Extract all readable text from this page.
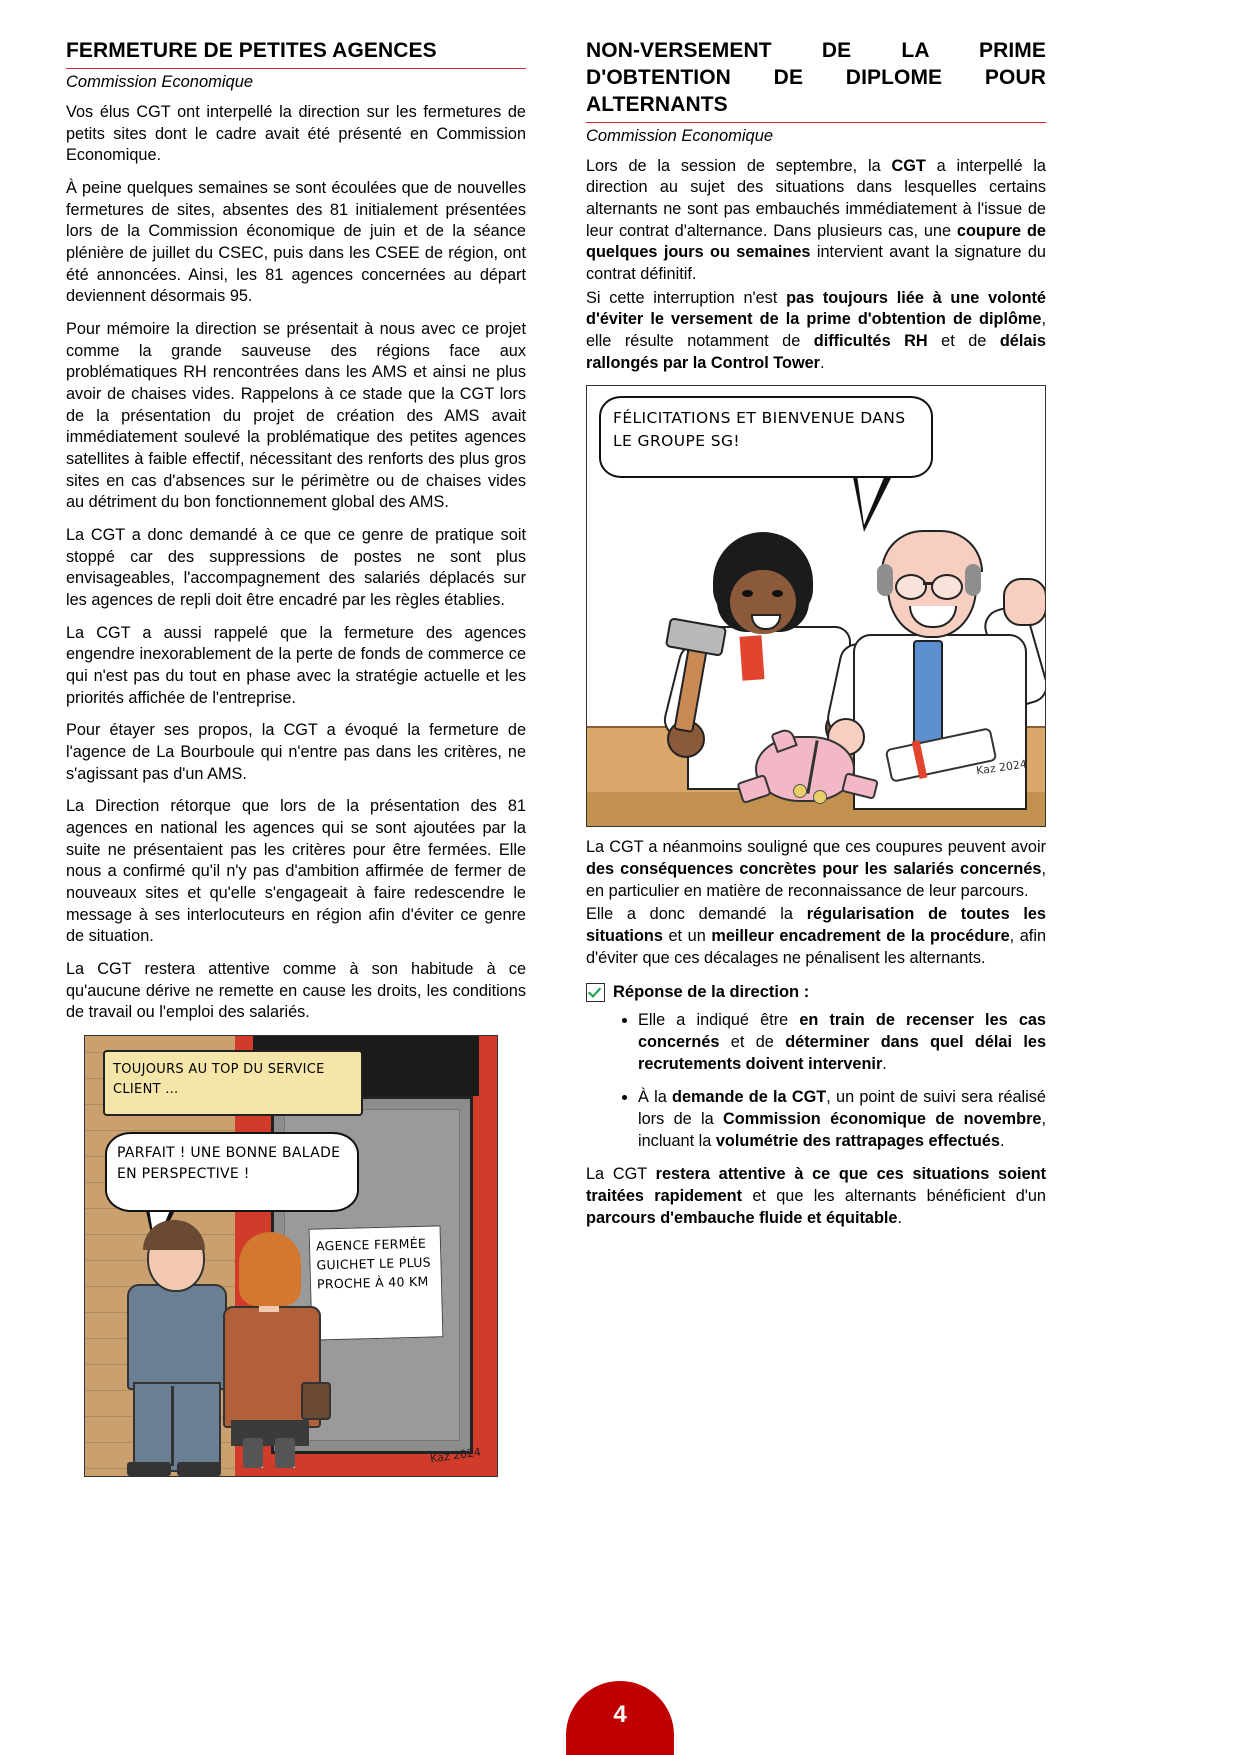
FERMETURE DE PETITES AGENCES
Commission Economique

Vos élus CGT ont interpellé la direction sur les fermetures de petits sites dont le cadre avait été présenté en Commission Economique.

À peine quelques semaines se sont écoulées que de nouvelles fermetures de sites, absentes des 81 initialement présentées lors de la Commission économique de juin et de la séance plénière de juillet du CSEC, puis dans les CSEE de région, ont été annoncées. Ainsi, les 81 agences concernées au départ deviennent désormais 95.

Pour mémoire la direction se présentait à nous avec ce projet comme la grande sauveuse des régions face aux problématiques RH rencontrées dans les AMS et ainsi ne plus avoir de chaises vides. Rappelons à ce stade que la CGT lors de la présentation du projet de création des AMS avait immédiatement soulevé la problématique des petites agences satellites à faible effectif, nécessitant des renforts des plus gros sites en cas d'absences sur le périmètre ou de chaises vides au détriment du bon fonctionnement global des AMS.

La CGT a donc demandé à ce que ce genre de pratique soit stoppé car des suppressions de postes ne sont plus envisageables, l'accompagnement des salariés déplacés sur les agences de repli doit être encadré par les règles établies.

La CGT a aussi rappelé que la fermeture des agences engendre inexorablement de la perte de fonds de commerce ce qui n'est pas du tout en phase avec la stratégie actuelle et les priorités affichée de l'entreprise.

Pour étayer ses propos, la CGT a évoqué la fermeture de l'agence de La Bourboule qui n'entre pas dans les critères, ne s'agissant pas d'un AMS.

La Direction rétorque que lors de la présentation des 81 agences en national les agences qui se sont ajoutées par la suite ne présentaient pas les critères pour être fermées. Elle nous a confirmé qu'il n'y pas d'ambition affirmée de fermer de nouveaux sites et qu'elle s'engageait à faire redescendre le message à ses interlocuteurs en région afin d'éviter ce genre de situation.

La CGT restera attentive comme à son habitude à ce qu'aucune dérive ne remette en cause les droits, les conditions de travail ou l'emploi des salariés.

AGENCE FERMÉE GUICHET LE PLUS PROCHE À 40 KM
TOUJOURS AU TOP DU SERVICE CLIENT …
PARFAIT ! UNE BONNE BALADE EN PERSPECTIVE !
Kaz 2024
NON-VERSEMENT DE LA PRIME D'OBTENTION DE DIPLOME POUR ALTERNANTS
Commission Economique

Lors de la session de septembre, la CGT a interpellé la direction au sujet des situations dans lesquelles certains alternants ne sont pas embauchés immédiatement à l'issue de leur contrat d'alternance. Dans plusieurs cas, une coupure de quelques jours ou semaines intervient avant la signature du contrat définitif.

Si cette interruption n'est pas toujours liée à une volonté d'éviter le versement de la prime d'obtention de diplôme, elle résulte notamment de difficultés RH et de délais rallongés par la Control Tower.

FÉLICITATIONS ET BIENVENUE DANS LE GROUPE SG!
Kaz 2024

La CGT a néanmoins souligné que ces coupures peuvent avoir des conséquences concrètes pour les salariés concernés, en particulier en matière de reconnaissance de leur parcours.

Elle a donc demandé la régularisation de toutes les situations et un meilleur encadrement de la procédure, afin d'éviter que ces décalages ne pénalisent les alternants.

Réponse de la direction :
• Elle a indiqué être en train de recenser les cas concernés et de déterminer dans quel délai les recrutements doivent intervenir.
• À la demande de la CGT, un point de suivi sera réalisé lors de la Commission économique de novembre, incluant la volumétrie des rattrapages effectués.

La CGT restera attentive à ce que ces situations soient traitées rapidement et que les alternants bénéficient d'un parcours d'embauche fluide et équitable.

4
